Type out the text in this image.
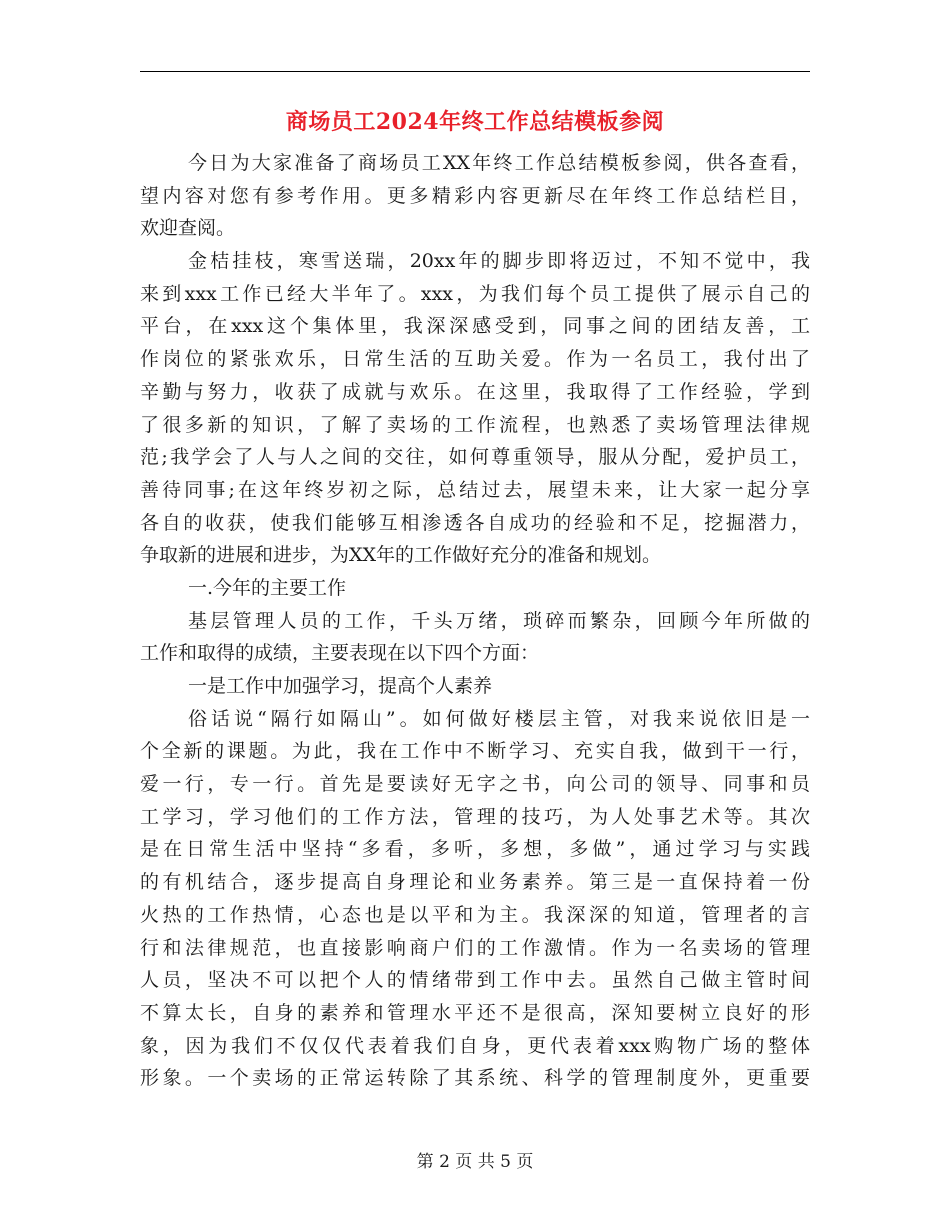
商场员工2024年终工作总结模板参阅
今日为大家准备了商场员工XX年终工作总结模板参阅，供各查看，
望内容对您有参考作用。更多精彩内容更新尽在年终工作总结栏目，
欢迎查阅。
金桔挂枝，寒雪送瑞，20xx年的脚步即将迈过，不知不觉中，我
来到xxx工作已经大半年了。xxx，为我们每个员工提供了展示自己的
平台，在xxx这个集体里，我深深感受到，同事之间的团结友善，工
作岗位的紧张欢乐，日常生活的互助关爱。作为一名员工，我付出了
辛勤与努力，收获了成就与欢乐。在这里，我取得了工作经验，学到
了很多新的知识，了解了卖场的工作流程，也熟悉了卖场管理法律规
范;我学会了人与人之间的交往，如何尊重领导，服从分配，爱护员工，
善待同事;在这年终岁初之际，总结过去，展望未来，让大家一起分享
各自的收获，使我们能够互相渗透各自成功的经验和不足，挖掘潜力，
争取新的进展和进步，为XX年的工作做好充分的准备和规划。
一.今年的主要工作
基层管理人员的工作，千头万绪，琐碎而繁杂，回顾今年所做的
工作和取得的成绩，主要表现在以下四个方面：
一是工作中加强学习，提高个人素养
俗话说“隔行如隔山”。如何做好楼层主管，对我来说依旧是一
个全新的课题。为此，我在工作中不断学习、充实自我，做到干一行，
爱一行，专一行。首先是要读好无字之书，向公司的领导、同事和员
工学习，学习他们的工作方法，管理的技巧，为人处事艺术等。其次
是在日常生活中坚持“多看，多听，多想，多做”，通过学习与实践
的有机结合，逐步提高自身理论和业务素养。第三是一直保持着一份
火热的工作热情，心态也是以平和为主。我深深的知道，管理者的言
行和法律规范，也直接影响商户们的工作激情。作为一名卖场的管理
人员，坚决不可以把个人的情绪带到工作中去。虽然自己做主管时间
不算太长，自身的素养和管理水平还不是很高，深知要树立良好的形
象，因为我们不仅仅代表着我们自身，更代表着xxx购物广场的整体
形象。一个卖场的正常运转除了其系统、科学的管理制度外，更重要
第 2 页 共 5 页
